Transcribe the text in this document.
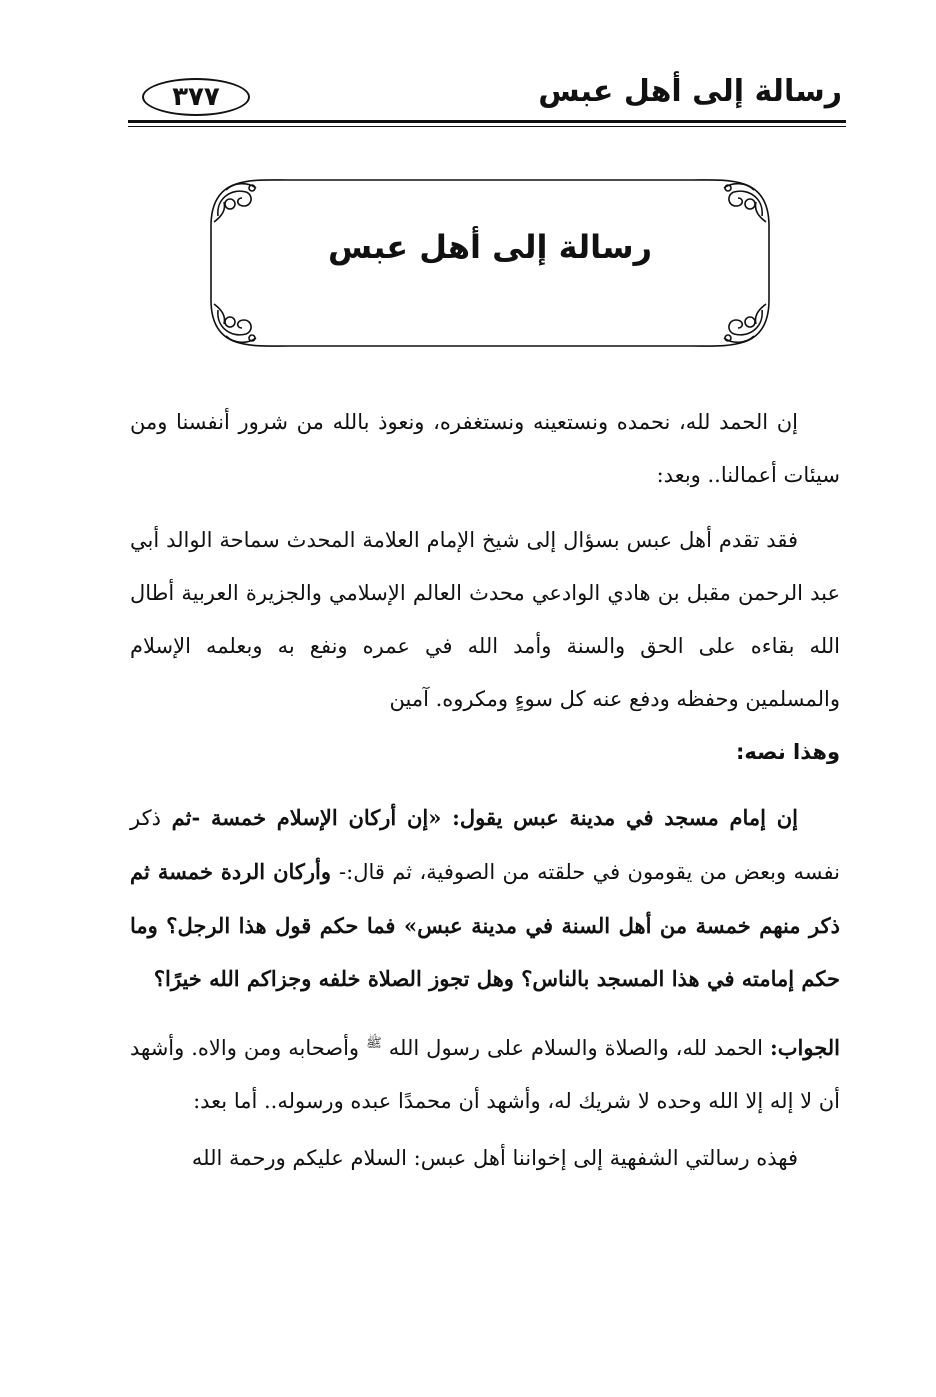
رسالة إلى أهل عبس
٣٧٧
رسالة إلى أهل عبس

إن الحمد لله، نحمده ونستعينه ونستغفره، ونعوذ بالله من شرور أنفسنا ومن سيئات أعمالنا.. وبعد:

فقد تقدم أهل عبس بسؤال إلى شيخ الإمام العلامة المحدث سماحة الوالد أبي عبد الرحمن مقبل بن هادي الوادعي محدث العالم الإسلامي والجزيرة العربية أطال الله بقاءه على الحق والسنة وأمد الله في عمره ونفع به وبعلمه الإسلام والمسلمين وحفظه ودفع عنه كل سوءٍ ومكروه. آمين

وهذا نصه:

إن إمام مسجد في مدينة عبس يقول: «إن أركان الإسلام خمسة -ثم ذكر نفسه وبعض من يقومون في حلقته من الصوفية، ثم قال:- وأركان الردة خمسة ثم ذكر منهم خمسة من أهل السنة في مدينة عبس» فما حكم قول هذا الرجل؟ وما حكم إمامته في هذا المسجد بالناس؟ وهل تجوز الصلاة خلفه وجزاكم الله خيرًا؟

الجواب: الحمد لله، والصلاة والسلام على رسول الله $^ﷺ$ وأصحابه ومن والاه. وأشهد أن لا إله إلا الله وحده لا شريك له، وأشهد أن محمدًا عبده ورسوله.. أما بعد:

فهذه رسالتي الشفهية إلى إخواننا أهل عبس: السلام عليكم ورحمة الله
